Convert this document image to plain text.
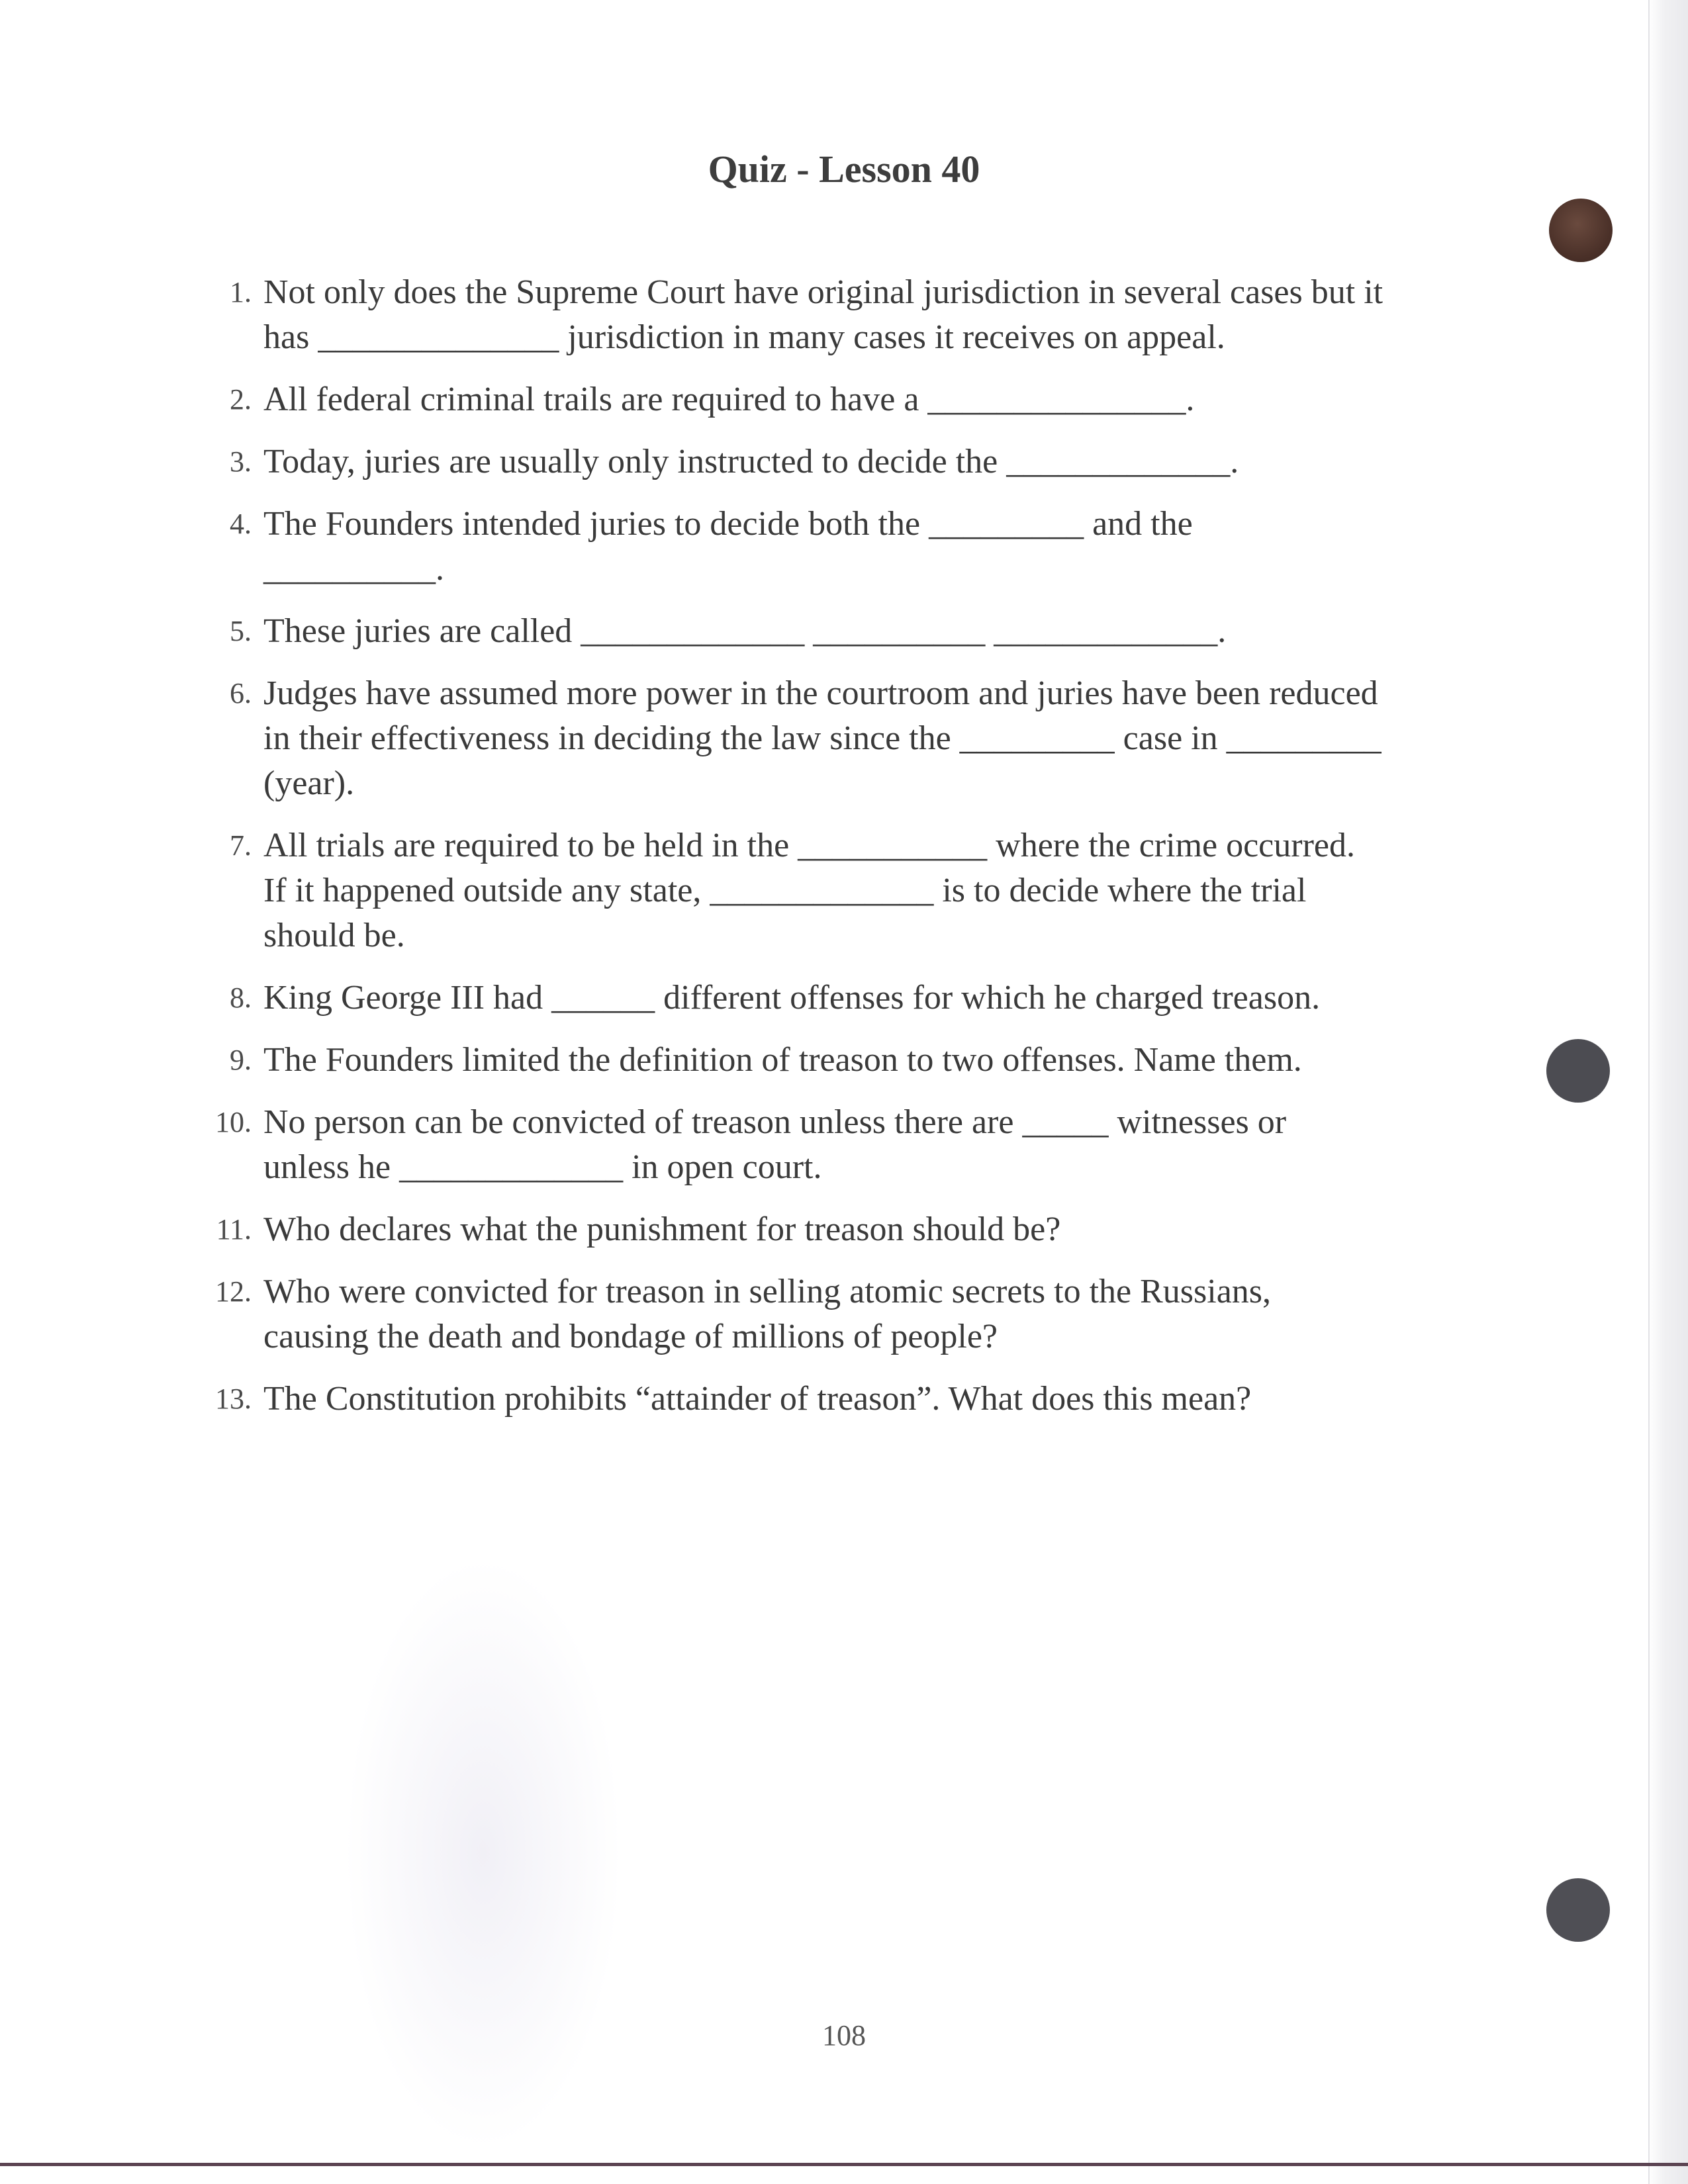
Quiz - Lesson 40
1. Not only does the Supreme Court have original jurisdiction in several cases but it
has ______________ jurisdiction in many cases it receives on appeal.
2. All federal criminal trails are required to have a _______________.
3. Today, juries are usually only instructed to decide the _____________.
4. The Founders intended juries to decide both the _________ and the
__________.
5. These juries are called _____________ __________ _____________.
6. Judges have assumed more power in the courtroom and juries have been reduced
in their effectiveness in deciding the law since the _________ case in _________
(year).
7. All trials are required to be held in the ___________ where the crime occurred.
If it happened outside any state, _____________ is to decide where the trial
should be.
8. King George III had ______ different offenses for which he charged treason.
9. The Founders limited the definition of treason to two offenses. Name them.
10. No person can be convicted of treason unless there are _____ witnesses or
unless he _____________ in open court.
11. Who declares what the punishment for treason should be?
12. Who were convicted for treason in selling atomic secrets to the Russians,
causing the death and bondage of millions of people?
13. The Constitution prohibits “attainder of treason”. What does this mean?
108
